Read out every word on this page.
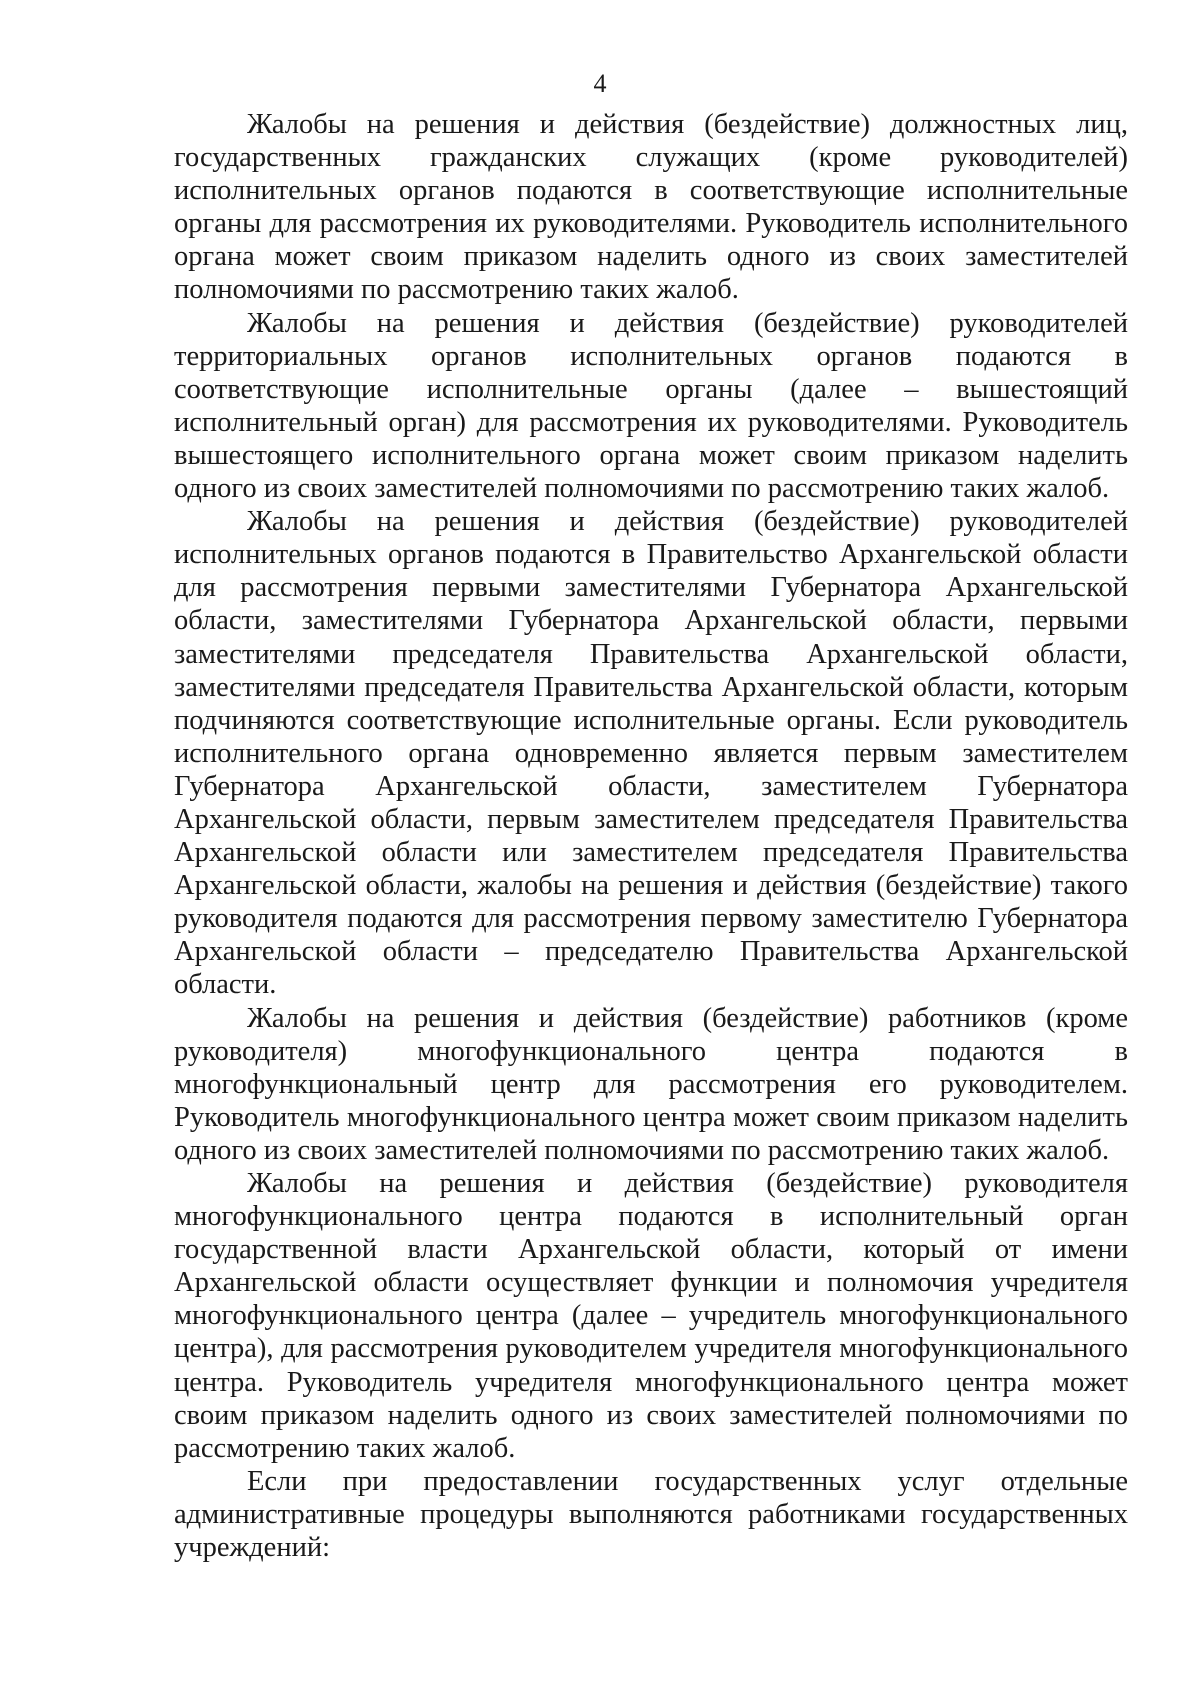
4

Жалобы на решения и действия (бездействие) должностных лиц, государственных гражданских служащих (кроме руководителей) исполнительных органов подаются в соответствующие исполнительные органы для рассмотрения их руководителями. Руководитель исполнительного органа может своим приказом наделить одного из своих заместителей полномочиями по рассмотрению таких жалоб.

Жалобы на решения и действия (бездействие) руководителей территориальных органов исполнительных органов подаются в соответствующие исполнительные органы (далее – вышестоящий исполнительный орган) для рассмотрения их руководителями. Руководитель вышестоящего исполнительного органа может своим приказом наделить одного из своих заместителей полномочиями по рассмотрению таких жалоб.

Жалобы на решения и действия (бездействие) руководителей исполнительных органов подаются в Правительство Архангельской области для рассмотрения первыми заместителями Губернатора Архангельской области, заместителями Губернатора Архангельской области, первыми заместителями председателя Правительства Архангельской области, заместителями председателя Правительства Архангельской области, которым подчиняются соответствующие исполнительные органы. Если руководитель исполнительного органа одновременно является первым заместителем Губернатора Архангельской области, заместителем Губернатора Архангельской области, первым заместителем председателя Правительства Архангельской области или заместителем председателя Правительства Архангельской области, жалобы на решения и действия (бездействие) такого руководителя подаются для рассмотрения первому заместителю Губернатора Архангельской области – председателю Правительства Архангельской области.

Жалобы на решения и действия (бездействие) работников (кроме руководителя) многофункционального центра подаются в многофункциональный центр для рассмотрения его руководителем. Руководитель многофункционального центра может своим приказом наделить одного из своих заместителей полномочиями по рассмотрению таких жалоб.

Жалобы на решения и действия (бездействие) руководителя многофункционального центра подаются в исполнительный орган государственной власти Архангельской области, который от имени Архангельской области осуществляет функции и полномочия учредителя многофункционального центра (далее – учредитель многофункционального центра), для рассмотрения руководителем учредителя многофункционального центра. Руководитель учредителя многофункционального центра может своим приказом наделить одного из своих заместителей полномочиями по рассмотрению таких жалоб.

Если при предоставлении государственных услуг отдельные административные процедуры выполняются работниками государственных учреждений:
